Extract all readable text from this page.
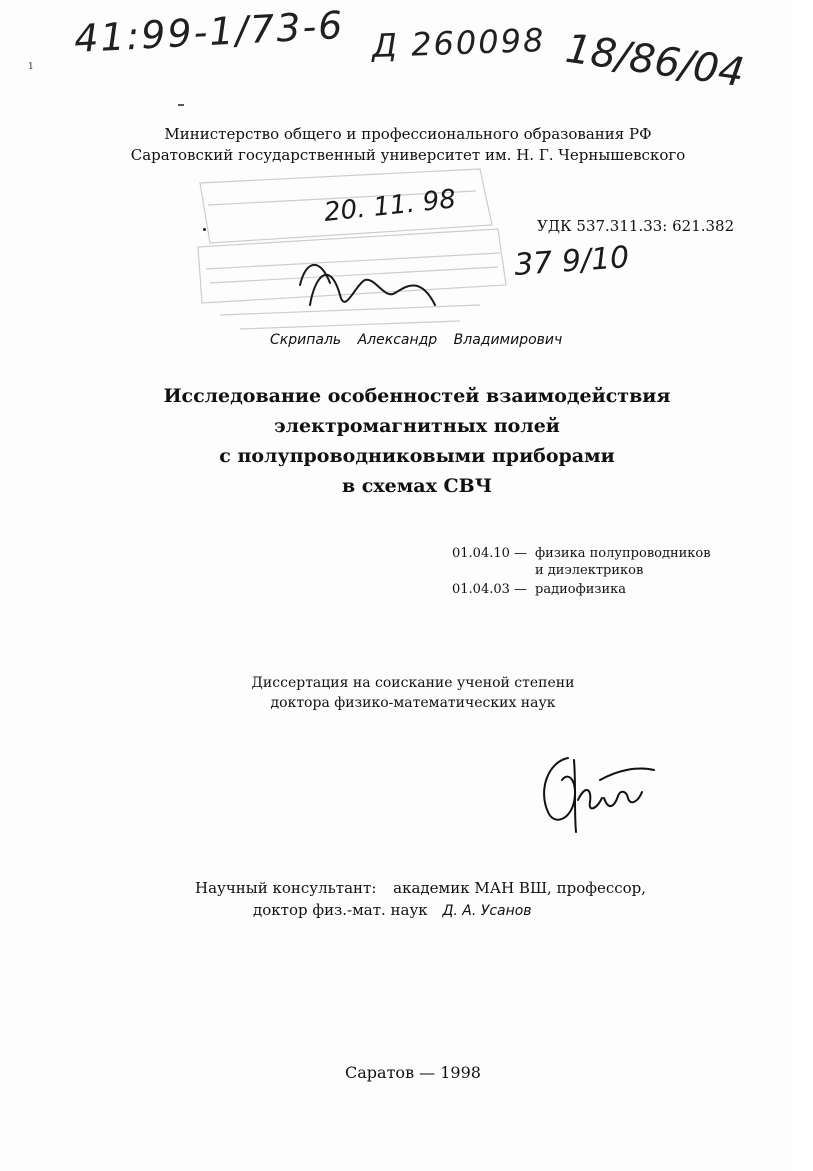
41:99-1/73-6 Д 260098 18/86/04
1
Министерство общего и профессионального образования РФ
Саратовский государственный университет им. Н. Г. Чернышевского
20. 11. 98
37 9/10
УДК 537.311.33: 621.382
Скрипаль Александр Владимирович
Исследование особенностей взаимодействия
электромагнитных полей
с полупроводниковыми приборами
в схемах СВЧ
01.04.10 — физика полупроводников
и диэлектриков
01.04.03 — радиофизика
Диссертация на соискание ученой степени
доктора физико-математических наук
Научный консультант: академик МАН ВШ, профессор,
доктор физ.-мат. наук Д. А. Усанов
Саратов — 1998
